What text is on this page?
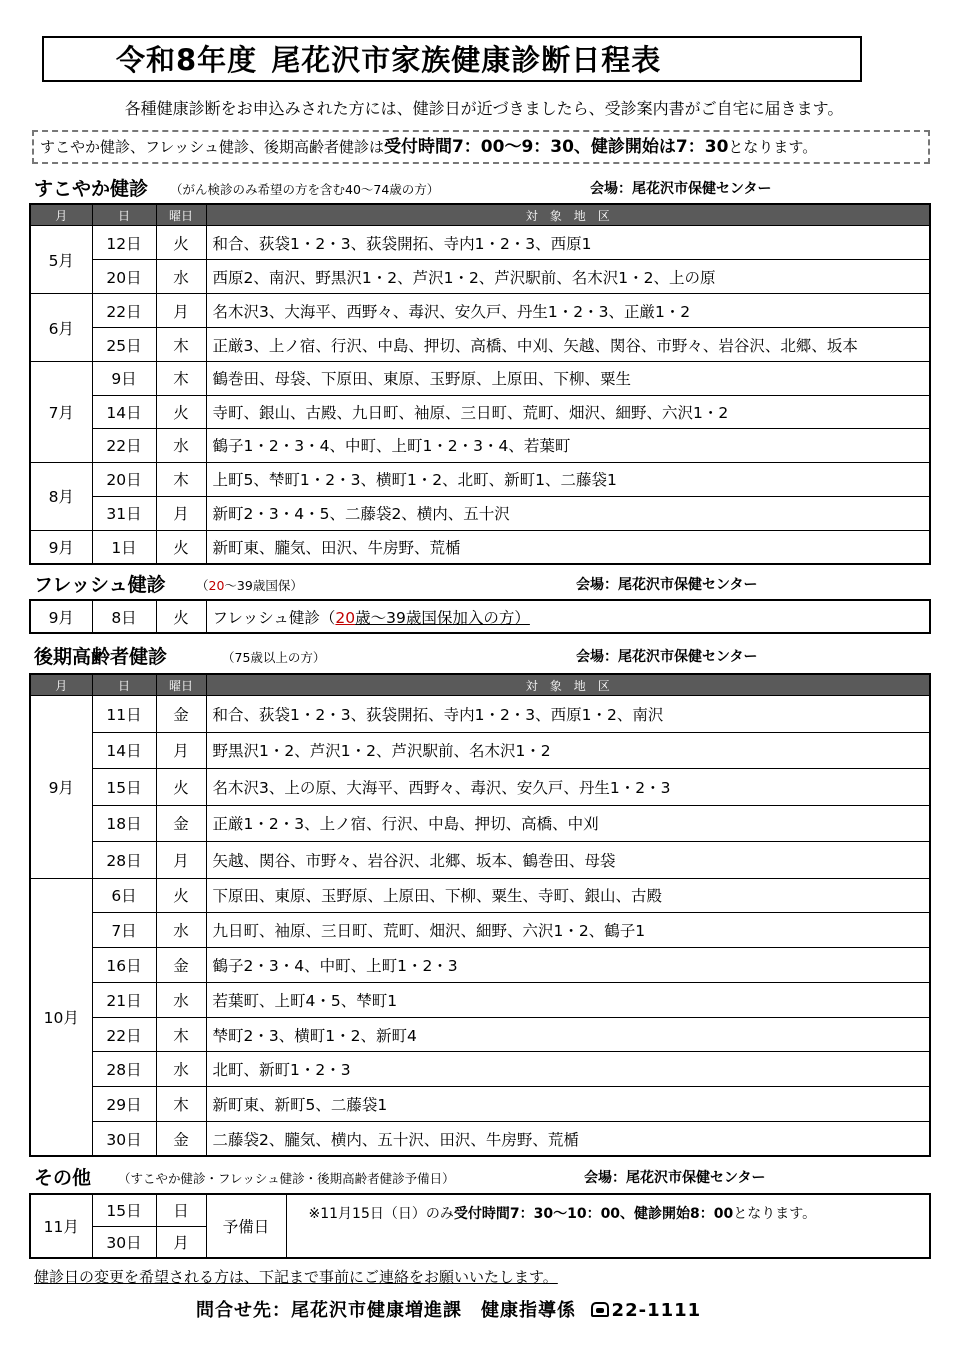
令和8年度 尾花沢市家族健康診断日程表
各種健康診断をお申込みされた方には、健診日が近づきましたら、受診案内書がご自宅に届きます。
すこやか健診、フレッシュ健診、後期高齢者健診は受付時間7：00～9：30、健診開始は7：30となります。
すこやか健診 （がん検診のみ希望の方を含む40～74歳の方）	会場：尾花沢市保健センター
月	日	曜日	対　象　地　区
5月	12日	火	和合、荻袋1・2・3、荻袋開拓、寺内1・2・3、西原1
	20日	水	西原2、南沢、野黒沢1・2、芦沢1・2、芦沢駅前、名木沢1・2、上の原
6月	22日	月	名木沢3、大海平、西野々、毒沢、安久戸、丹生1・2・3、正厳1・2
	25日	木	正厳3、上ノ宿、行沢、中島、押切、高橋、中刈、矢越、関谷、市野々、岩谷沢、北郷、坂本
7月	9日	木	鶴巻田、母袋、下原田、東原、玉野原、上原田、下柳、粟生
	14日	火	寺町、銀山、古殿、九日町、袖原、三日町、荒町、畑沢、細野、六沢1・2
	22日	水	鶴子1・2・3・4、中町、上町1・2・3・4、若葉町
8月	20日	木	上町5、梺町1・2・3、横町1・2、北町、新町1、二藤袋1
	31日	月	新町2・3・4・5、二藤袋2、横内、五十沢
9月	1日	火	新町東、朧気、田沢、牛房野、荒楯
フレッシュ健診 （20～39歳国保）	会場：尾花沢市保健センター
9月	8日	火	フレッシュ健診（20歳～39歳国保加入の方）
後期高齢者健診	（75歳以上の方）	会場：尾花沢市保健センター
月	日	曜日	対　象　地　区
9月	11日	金	和合、荻袋1・2・3、荻袋開拓、寺内1・2・3、西原1・2、南沢
	14日	月	野黒沢1・2、芦沢1・2、芦沢駅前、名木沢1・2
	15日	火	名木沢3、上の原、大海平、西野々、毒沢、安久戸、丹生1・2・3
	18日	金	正厳1・2・3、上ノ宿、行沢、中島、押切、高橋、中刈
	28日	月	矢越、関谷、市野々、岩谷沢、北郷、坂本、鶴巻田、母袋
10月	6日	火	下原田、東原、玉野原、上原田、下柳、粟生、寺町、銀山、古殿
	7日	水	九日町、袖原、三日町、荒町、畑沢、細野、六沢1・2、鶴子1
	16日	金	鶴子2・3・4、中町、上町1・2・3
	21日	水	若葉町、上町4・5、梺町1
	22日	木	梺町2・3、横町1・2、新町4
	28日	水	北町、新町1・2・3
	29日	木	新町東、新町5、二藤袋1
	30日	金	二藤袋2、朧気、横内、五十沢、田沢、牛房野、荒楯
その他 （すこやか健診・フレッシュ健診・後期高齢者健診予備日）	会場：尾花沢市保健センター
11月	15日	日	予備日	※11月15日（日）のみ受付時間7：30～10：00、健診開始8：00となります。
	30日	月		
健診日の変更を希望される方は、下記まで事前にご連絡をお願いいたします。
問合せ先：尾花沢市健康増進課　健康指導係 22-1111
